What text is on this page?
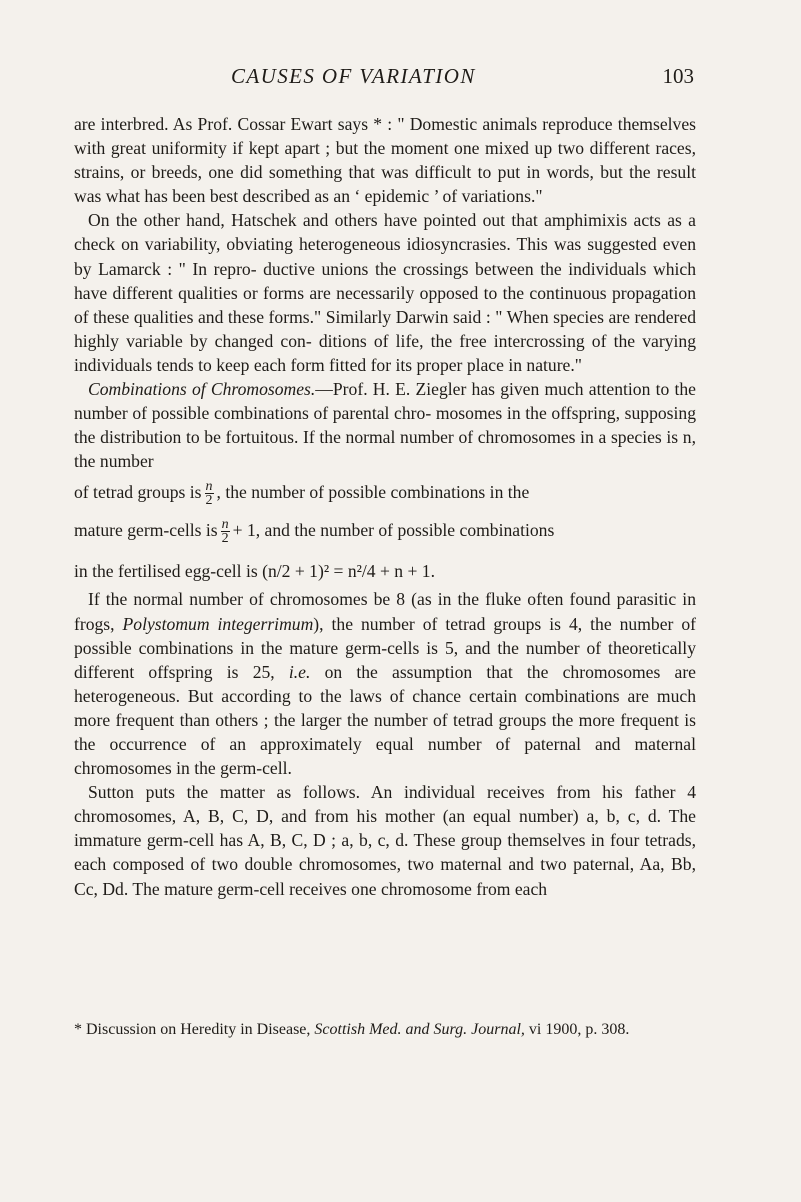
CAUSES OF VARIATION	103

are interbred. As Prof. Cossar Ewart says * : " Domestic animals reproduce themselves with great uniformity if kept apart ; but the moment one mixed up two different races, strains, or breeds, one did something that was difficult to put in words, but the result was what has been best described as an ‘ epidemic ’ of variations."

On the other hand, Hatschek and others have pointed out that amphimixis acts as a check on variability, obviating heterogeneous idiosyncrasies. This was suggested even by Lamarck : " In repro- ductive unions the crossings between the individuals which have different qualities or forms are necessarily opposed to the continuous propagation of these qualities and these forms." Similarly Darwin said : " When species are rendered highly variable by changed con- ditions of life, the free intercrossing of the varying individuals tends to keep each form fitted for its proper place in nature."

Combinations of Chromosomes.—Prof. H. E. Ziegler has given much attention to the number of possible combinations of parental chro- mosomes in the offspring, supposing the distribution to be fortuitous. If the normal number of chromosomes in a species is n, the number

of tetrad groups is $\frac{n}{2}$ , the number of possible combinations in the
mature germ-cells is $\frac{n}{2} + 1$, and the number of possible combinations
in the fertilised egg-cell is (n/2 + 1)² = n²/4 + n + 1.

If the normal number of chromosomes be 8 (as in the fluke often found parasitic in frogs, Polystomum integerrimum), the number of tetrad groups is 4, the number of possible combinations in the mature germ-cells is 5, and the number of theoretically different offspring is 25, i.e. on the assumption that the chromosomes are heterogeneous. But according to the laws of chance certain combinations are much more frequent than others ; the larger the number of tetrad groups the more frequent is the occurrence of an approximately equal number of paternal and maternal chromosomes in the germ-cell.

Sutton puts the matter as follows. An individual receives from his father 4 chromosomes, A, B, C, D, and from his mother (an equal number) a, b, c, d. The immature germ-cell has A, B, C, D ; a, b, c, d. These group themselves in four tetrads, each composed of two double chromosomes, two maternal and two paternal, Aa, Bb, Cc, Dd. The mature germ-cell receives one chromosome from each

* Discussion on Heredity in Disease, Scottish Med. and Surg. Journal, vi 1900, p. 308.
